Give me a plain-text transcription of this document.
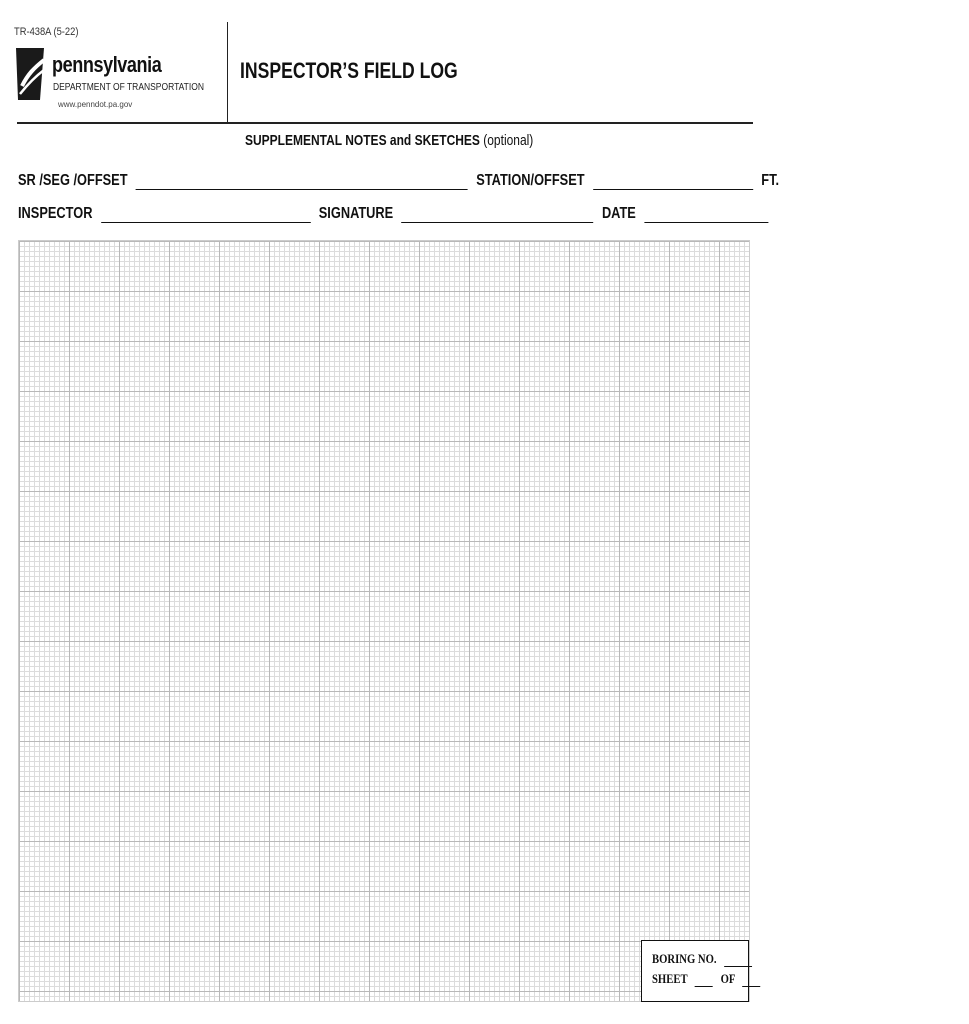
TR-438A (5-22)
pennsylvania
DEPARTMENT OF TRANSPORTATION
www.penndot.pa.gov
INSPECTOR’S FIELD LOG
SUPPLEMENTAL NOTES and SKETCHES (optional)
SR /SEG /OFFSET	STATION/OFFSET	FT.
INSPECTOR	SIGNATURE	DATE
BORING NO.
SHEET	OF
